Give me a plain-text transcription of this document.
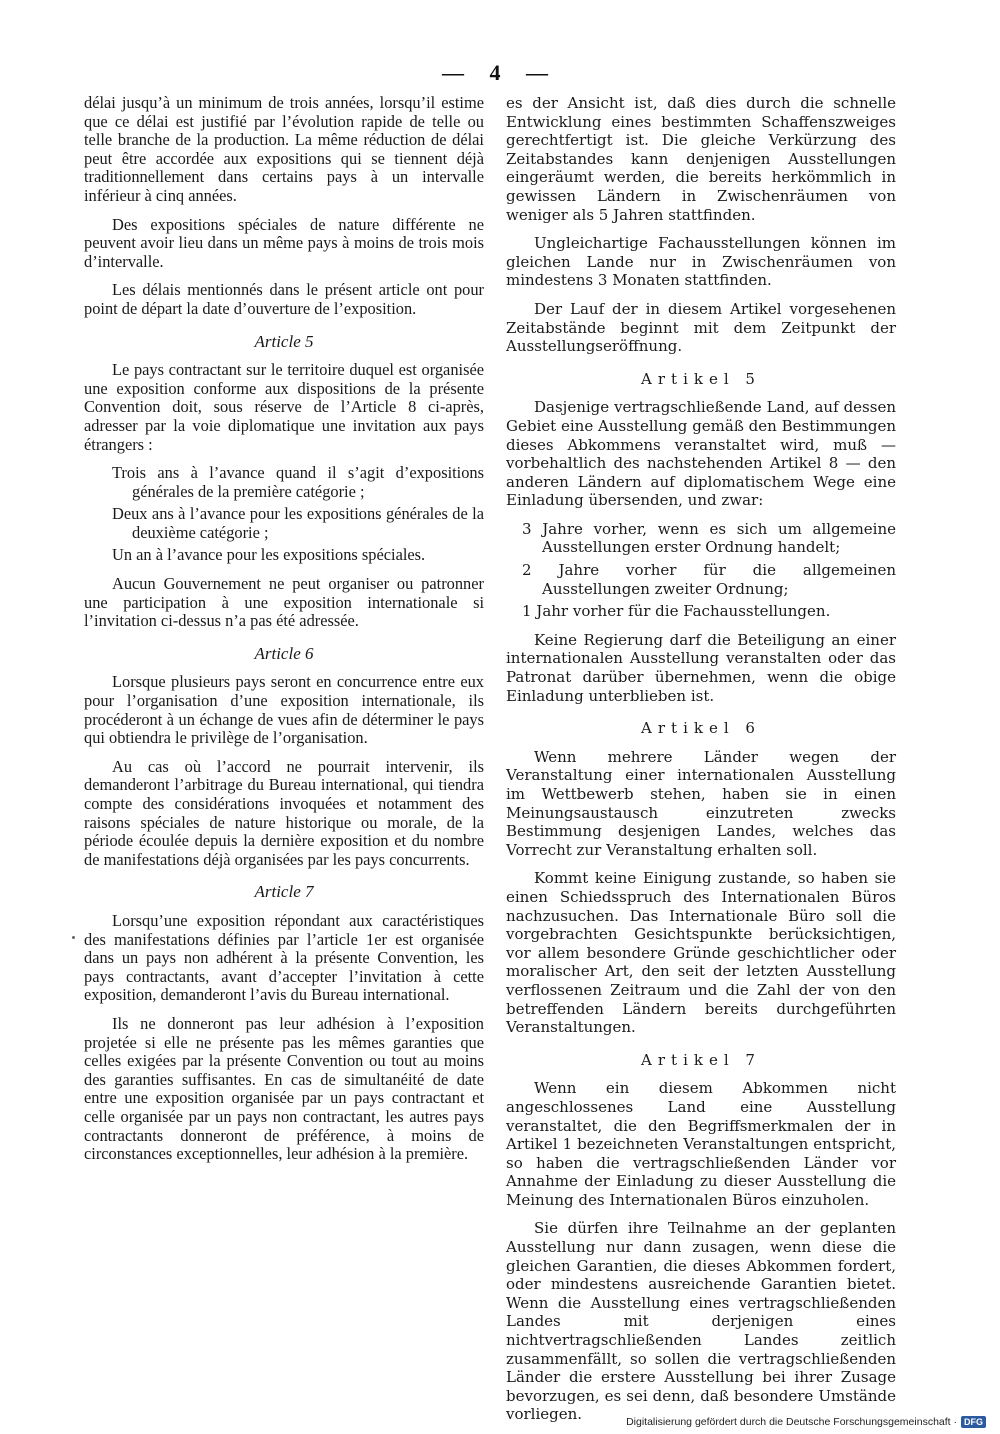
— 4 —

délai jusqu’à un minimum de trois années, lorsqu’il estime que ce délai est justifié par l’évolution rapide de telle ou telle branche de la production. La même réduction de délai peut être accordée aux expositions qui se tiennent déjà traditionnellement dans certains pays à un intervalle inférieur à cinq années.

Des expositions spéciales de nature différente ne peuvent avoir lieu dans un même pays à moins de trois mois d’intervalle.

Les délais mentionnés dans le présent article ont pour point de départ la date d’ouverture de l’exposition.

Article 5

Le pays contractant sur le territoire duquel est organisée une exposition conforme aux dispositions de la présente Convention doit, sous réserve de l’Article 8 ci-après, adresser par la voie diplomatique une invitation aux pays étrangers :

Trois ans à l’avance quand il s’agit d’expositions générales de la première catégorie ;
Deux ans à l’avance pour les expositions générales de la deuxième catégorie ;
Un an à l’avance pour les expositions spéciales.

Aucun Gouvernement ne peut organiser ou patronner une participation à une exposition internationale si l’invitation ci-dessus n’a pas été adressée.

Article 6

Lorsque plusieurs pays seront en concurrence entre eux pour l’organisation d’une exposition internationale, ils procéderont à un échange de vues afin de déterminer le pays qui obtiendra le privilège de l’organisation.

Au cas où l’accord ne pourrait intervenir, ils demanderont l’arbitrage du Bureau international, qui tiendra compte des considérations invoquées et notamment des raisons spéciales de nature historique ou morale, de la période écoulée depuis la dernière exposition et du nombre de manifestations déjà organisées par les pays concurrents.

Article 7

Lorsqu’une exposition répondant aux caractéristiques des manifestations définies par l’article 1er est organisée dans un pays non adhérent à la présente Convention, les pays contractants, avant d’accepter l’invitation à cette exposition, demanderont l’avis du Bureau international.

Ils ne donneront pas leur adhésion à l’exposition projetée si elle ne présente pas les mêmes garanties que celles exigées par la présente Convention ou tout au moins des garanties suffisantes. En cas de simultanéité de date entre une exposition organisée par un pays contractant et celle organisée par un pays non contractant, les autres pays contractants donneront de préférence, à moins de circonstances exceptionnelles, leur adhésion à la première.

es der Ansicht ist, daß dies durch die schnelle Entwicklung eines bestimmten Schaffenszweiges gerechtfertigt ist. Die gleiche Verkürzung des Zeitabstandes kann denjenigen Ausstellungen eingeräumt werden, die bereits herkömmlich in gewissen Ländern in Zwischenräumen von weniger als 5 Jahren stattfinden.

Ungleichartige Fachausstellungen können im gleichen Lande nur in Zwischenräumen von mindestens 3 Monaten stattfinden.

Der Lauf der in diesem Artikel vorgesehenen Zeitabstände beginnt mit dem Zeitpunkt der Ausstellungseröffnung.

Artikel 5

Dasjenige vertragschließende Land, auf dessen Gebiet eine Ausstellung gemäß den Bestimmungen dieses Abkommens veranstaltet wird, muß — vorbehaltlich des nachstehenden Artikel 8 — den anderen Ländern auf diplomatischem Wege eine Einladung übersenden, und zwar:

3 Jahre vorher, wenn es sich um allgemeine Ausstellungen erster Ordnung handelt;
2 Jahre vorher für die allgemeinen Ausstellungen zweiter Ordnung;
1 Jahr vorher für die Fachausstellungen.

Keine Regierung darf die Beteiligung an einer internationalen Ausstellung veranstalten oder das Patronat darüber übernehmen, wenn die obige Einladung unterblieben ist.

Artikel 6

Wenn mehrere Länder wegen der Veranstaltung einer internationalen Ausstellung im Wettbewerb stehen, haben sie in einen Meinungsaustausch einzutreten zwecks Bestimmung desjenigen Landes, welches das Vorrecht zur Veranstaltung erhalten soll.

Kommt keine Einigung zustande, so haben sie einen Schiedsspruch des Internationalen Büros nachzusuchen. Das Internationale Büro soll die vorgebrachten Gesichtspunkte berücksichtigen, vor allem besondere Gründe geschichtlicher oder moralischer Art, den seit der letzten Ausstellung verflossenen Zeitraum und die Zahl der von den betreffenden Ländern bereits durchgeführten Veranstaltungen.

Artikel 7

Wenn ein diesem Abkommen nicht angeschlossenes Land eine Ausstellung veranstaltet, die den Begriffsmerkmalen der in Artikel 1 bezeichneten Veranstaltungen entspricht, so haben die vertragschließenden Länder vor Annahme der Einladung zu dieser Ausstellung die Meinung des Internationalen Büros einzuholen.

Sie dürfen ihre Teilnahme an der geplanten Ausstellung nur dann zusagen, wenn diese die gleichen Garantien, die dieses Abkommen fordert, oder mindestens ausreichende Garantien bietet. Wenn die Ausstellung eines vertragschließenden Landes mit derjenigen eines nichtvertragschließenden Landes zeitlich zusammenfällt, so sollen die vertragschließenden Länder die erstere Ausstellung bei ihrer Zusage bevorzugen, es sei denn, daß besondere Umstände vorliegen.	Digitalisierung gefördert durch die Deutsche Forschungsgemeinschaft · DFG
